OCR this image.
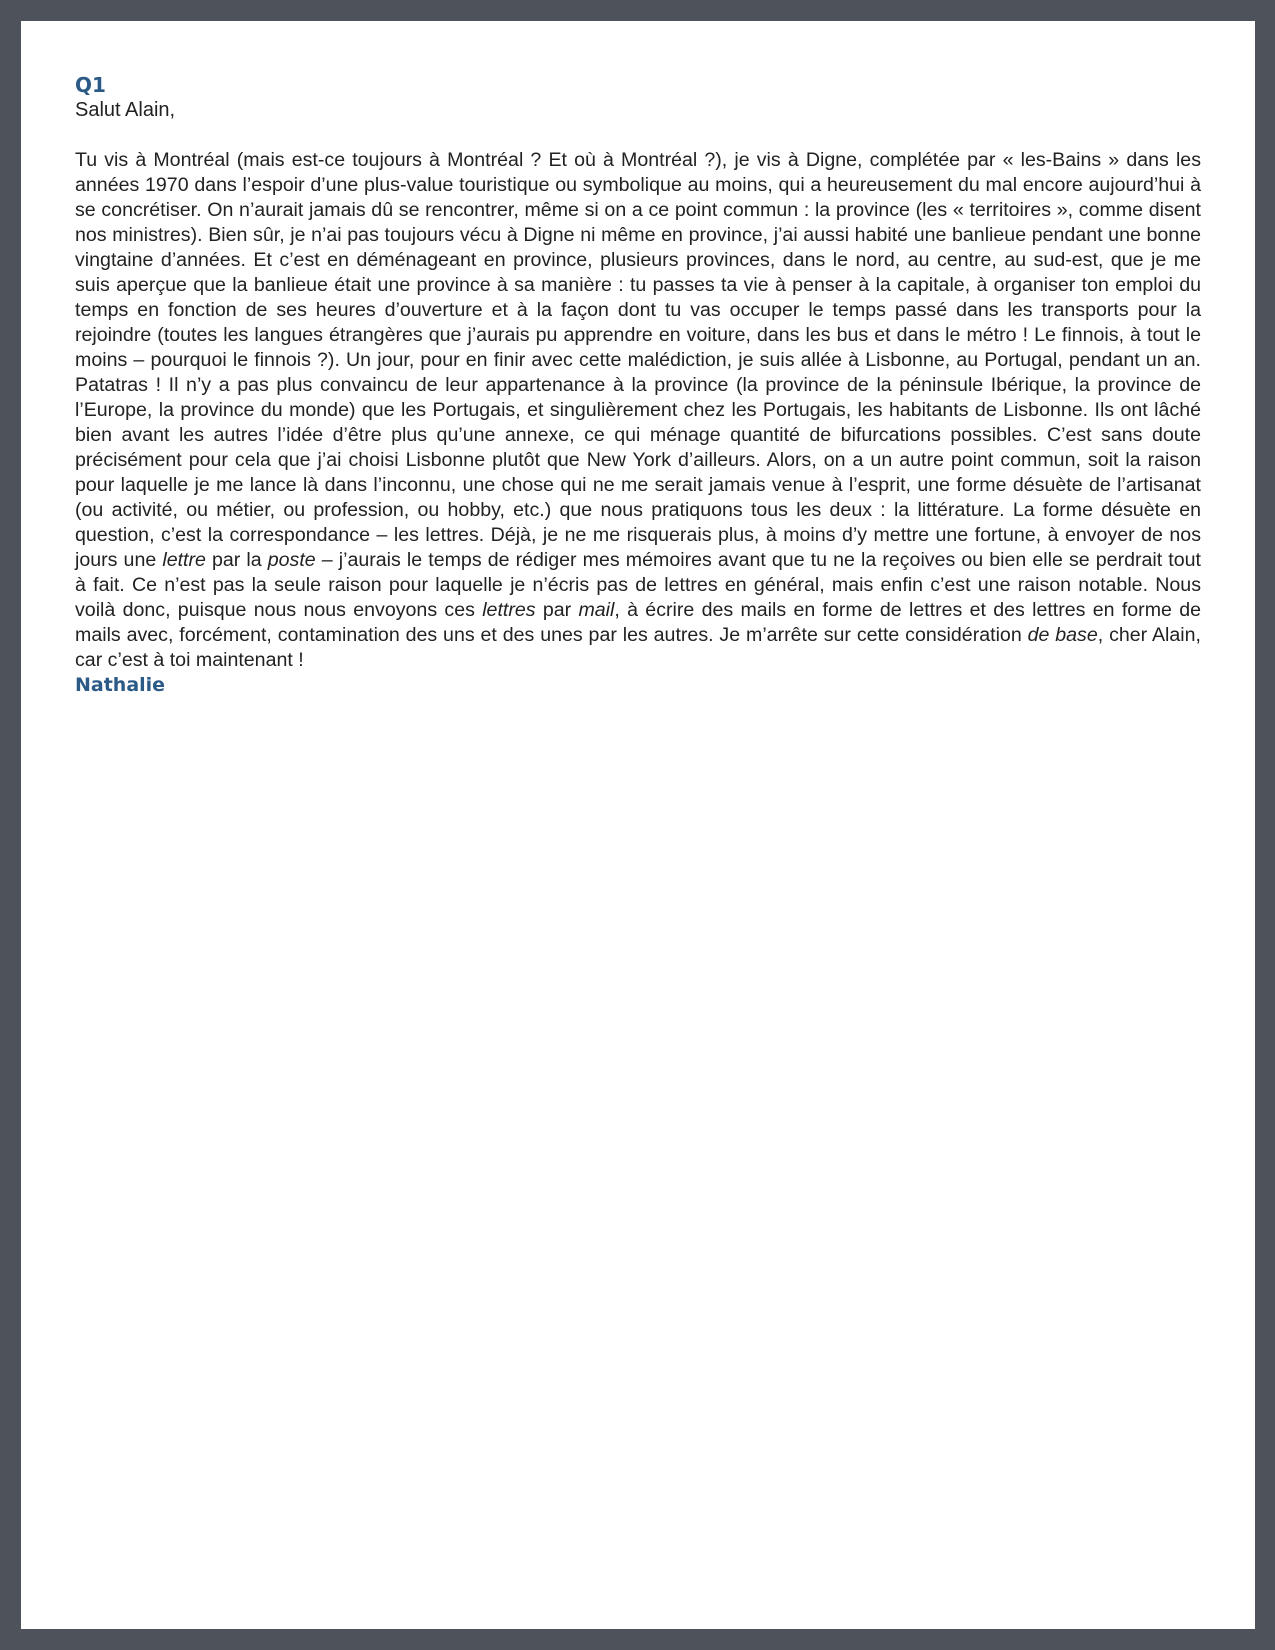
Q1

Salut Alain,

Tu vis à Montréal (mais est-ce toujours à Montréal ? Et où à Montréal ?), je vis à Digne, complétée par « les-Bains » dans les années 1970 dans l’espoir d’une plus-value touristique ou symbolique au moins, qui a heureusement du mal encore aujourd’hui à se concrétiser. On n’aurait jamais dû se rencontrer, même si on a ce point commun : la province (les « territoires », comme disent nos ministres). Bien sûr, je n’ai pas toujours vécu à Digne ni même en province, j’ai aussi habité une banlieue pendant une bonne vingtaine d’années. Et c’est en déménageant en province, plusieurs provinces, dans le nord, au centre, au sud-est, que je me suis aperçue que la banlieue était une province à sa manière : tu passes ta vie à penser à la capitale, à organiser ton emploi du temps en fonction de ses heures d’ouverture et à la façon dont tu vas occuper le temps passé dans les transports pour la rejoindre (toutes les langues étrangères que j’aurais pu apprendre en voiture, dans les bus et dans le métro ! Le finnois, à tout le moins – pourquoi le finnois ?). Un jour, pour en finir avec cette malédiction, je suis allée à Lisbonne, au Portugal, pendant un an. Patatras ! Il n’y a pas plus convaincu de leur appartenance à la province (la province de la péninsule Ibérique, la province de l’Europe, la province du monde) que les Portugais, et singulièrement chez les Portugais, les habitants de Lisbonne. Ils ont lâché bien avant les autres l’idée d’être plus qu’une annexe, ce qui ménage quantité de bifurcations possibles. C’est sans doute précisément pour cela que j’ai choisi Lisbonne plutôt que New York d’ailleurs. Alors, on a un autre point commun, soit la raison pour laquelle je me lance là dans l’inconnu, une chose qui ne me serait jamais venue à l’esprit, une forme désuète de l’artisanat (ou activité, ou métier, ou profession, ou hobby, etc.) que nous pratiquons tous les deux : la littérature. La forme désuète en question, c’est la correspondance – les lettres. Déjà, je ne me risquerais plus, à moins d’y mettre une fortune, à envoyer de nos jours une lettre par la poste – j’aurais le temps de rédiger mes mémoires avant que tu ne la reçoives ou bien elle se perdrait tout à fait. Ce n’est pas la seule raison pour laquelle je n’écris pas de lettres en général, mais enfin c’est une raison notable. Nous voilà donc, puisque nous nous envoyons ces lettres par mail, à écrire des mails en forme de lettres et des lettres en forme de mails avec, forcément, contamination des uns et des unes par les autres. Je m’arrête sur cette considération de base, cher Alain, car c’est à toi maintenant !

Nathalie
